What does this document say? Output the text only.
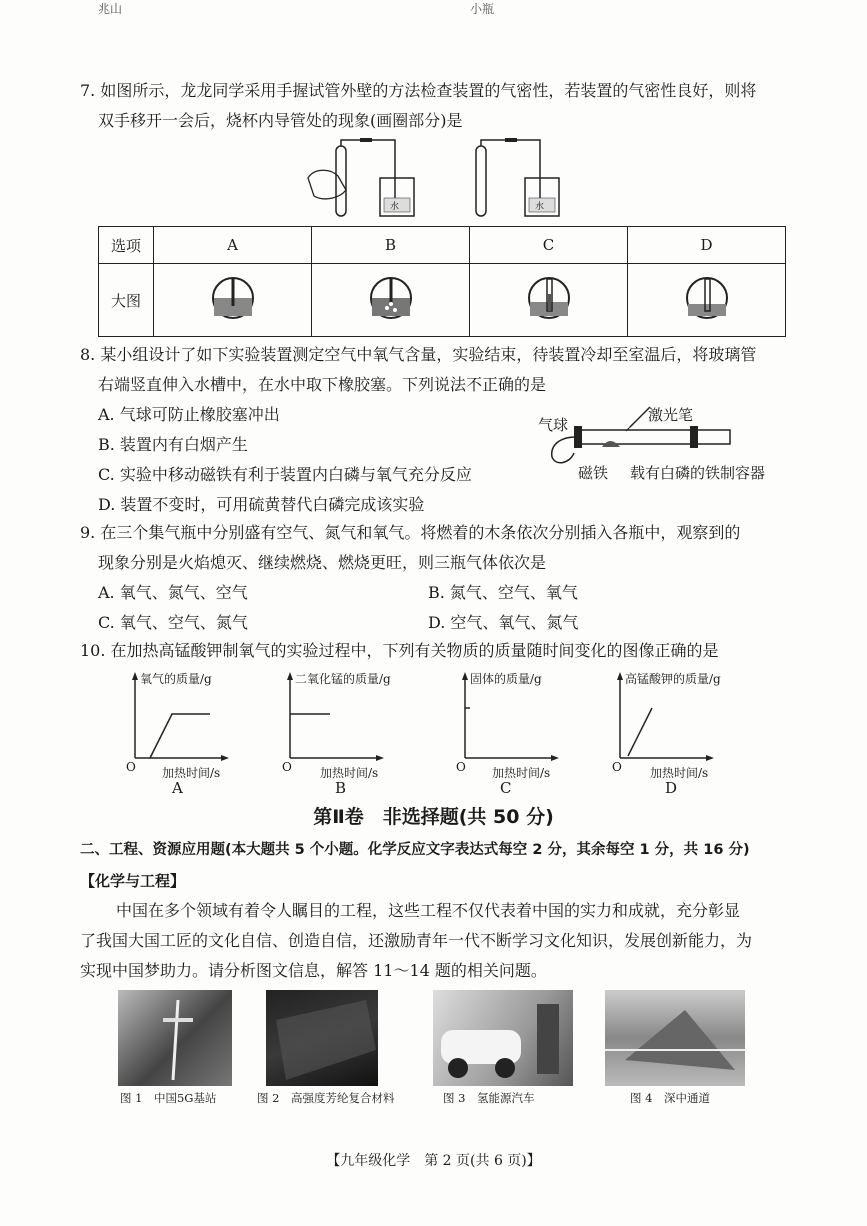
兆山	小瓶
7. 如图所示，龙龙同学采用手握试管外壁的方法检查装置的气密性，若装置的气密性良好，则将
双手移开一会后，烧杯内导管处的现象(画圈部分)是
水	水
选项	A	B	C	D
大图				
8. 某小组设计了如下实验装置测定空气中氧气含量，实验结束，待装置冷却至室温后，将玻璃管
右端竖直伸入水槽中，在水中取下橡胶塞。下列说法不正确的是
A. 气球可防止橡胶塞冲出
B. 装置内有白烟产生
C. 实验中移动磁铁有利于装置内白磷与氧气充分反应
D. 装置不变时，可用硫黄替代白磷完成该实验
气球
激光笔
磁铁 载有白磷的铁制容器
9. 在三个集气瓶中分别盛有空气、氮气和氧气。将燃着的木条依次分别插入各瓶中，观察到的
现象分别是火焰熄灭、继续燃烧、燃烧更旺，则三瓶气体依次是
A. 氧气、氮气、空气	B. 氮气、空气、氧气
C. 氧气、空气、氮气	D. 空气、氧气、氮气
10. 在加热高锰酸钾制氧气的实验过程中，下列有关物质的质量随时间变化的图像正确的是
氧气的质量/g	二氧化锰的质量/g	固体的质量/g	高锰酸钾的质量/g
O	O	O	O
加热时间/s	加热时间/s	加热时间/s	加热时间/s
A	B	C	D
第Ⅱ卷　非选择题(共 50 分)
二、工程、资源应用题(本大题共 5 个小题。化学反应文字表达式每空 2 分，其余每空 1 分，共 16 分)
【化学与工程】
中国在多个领域有着令人瞩目的工程，这些工程不仅代表着中国的实力和成就，充分彰显
了我国大国工匠的文化自信、创造自信，还激励青年一代不断学习文化知识，发展创新能力，为
实现中国梦助力。请分析图文信息，解答 11～14 题的相关问题。
图 1　中国5G基站	图 2　高强度芳纶复合材料	图 3　氢能源汽车	图 4　深中通道
【九年级化学　第 2 页(共 6 页)】
